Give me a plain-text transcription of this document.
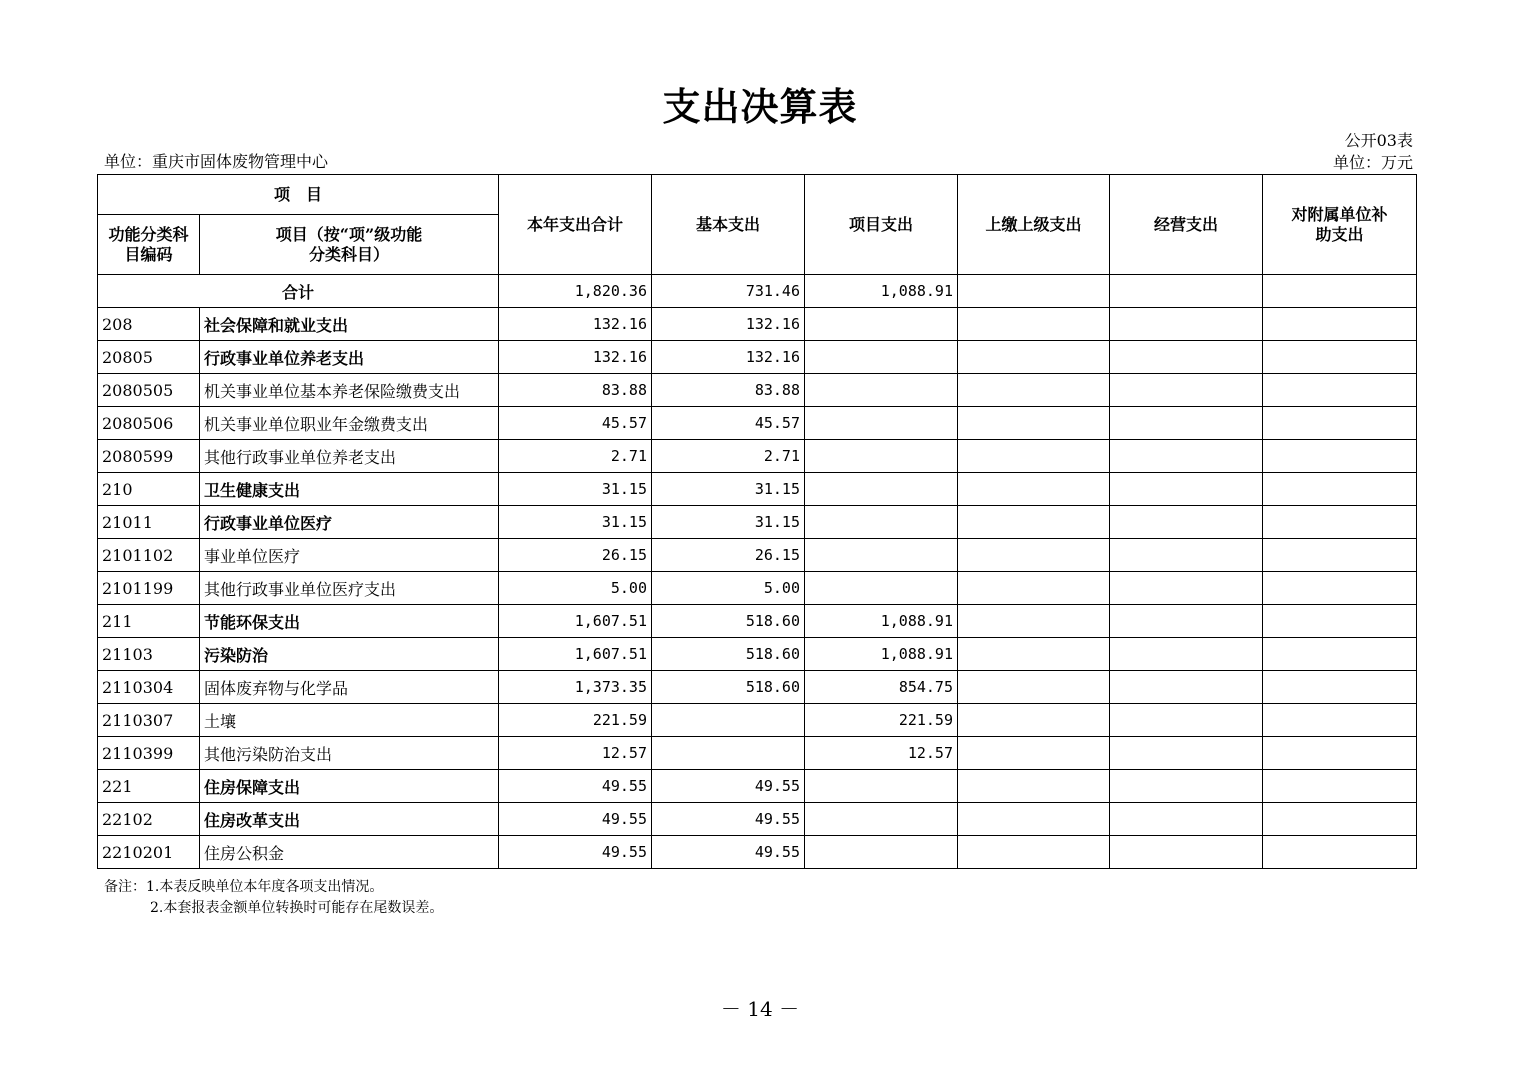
支出决算表
公开03表
单位：重庆市固体废物管理中心	单位：万元
项　目		本年支出合计	基本支出	项目支出	上缴上级支出	经营支出	对附属单位补助支出
功能分类科目编码	项目（按“项”级功能分类科目）						
合计		1,820.36	731.46	1,088.91			
208	社会保障和就业支出	132.16	132.16				
20805	行政事业单位养老支出	132.16	132.16				
2080505	机关事业单位基本养老保险缴费支出	83.88	83.88				
2080506	机关事业单位职业年金缴费支出	45.57	45.57				
2080599	其他行政事业单位养老支出	2.71	2.71				
210	卫生健康支出	31.15	31.15				
21011	行政事业单位医疗	31.15	31.15				
2101102	事业单位医疗	26.15	26.15				
2101199	其他行政事业单位医疗支出	5.00	5.00				
211	节能环保支出	1,607.51	518.60	1,088.91			
21103	污染防治	1,607.51	518.60	1,088.91			
2110304	固体废弃物与化学品	1,373.35	518.60	854.75			
2110307	土壤	221.59		221.59			
2110399	其他污染防治支出	12.57		12.57			
221	住房保障支出	49.55	49.55				
22102	住房改革支出	49.55	49.55				
2210201	住房公积金	49.55	49.55				
备注：1.本表反映单位本年度各项支出情况。
2.本套报表金额单位转换时可能存在尾数误差。
－ 14 －
